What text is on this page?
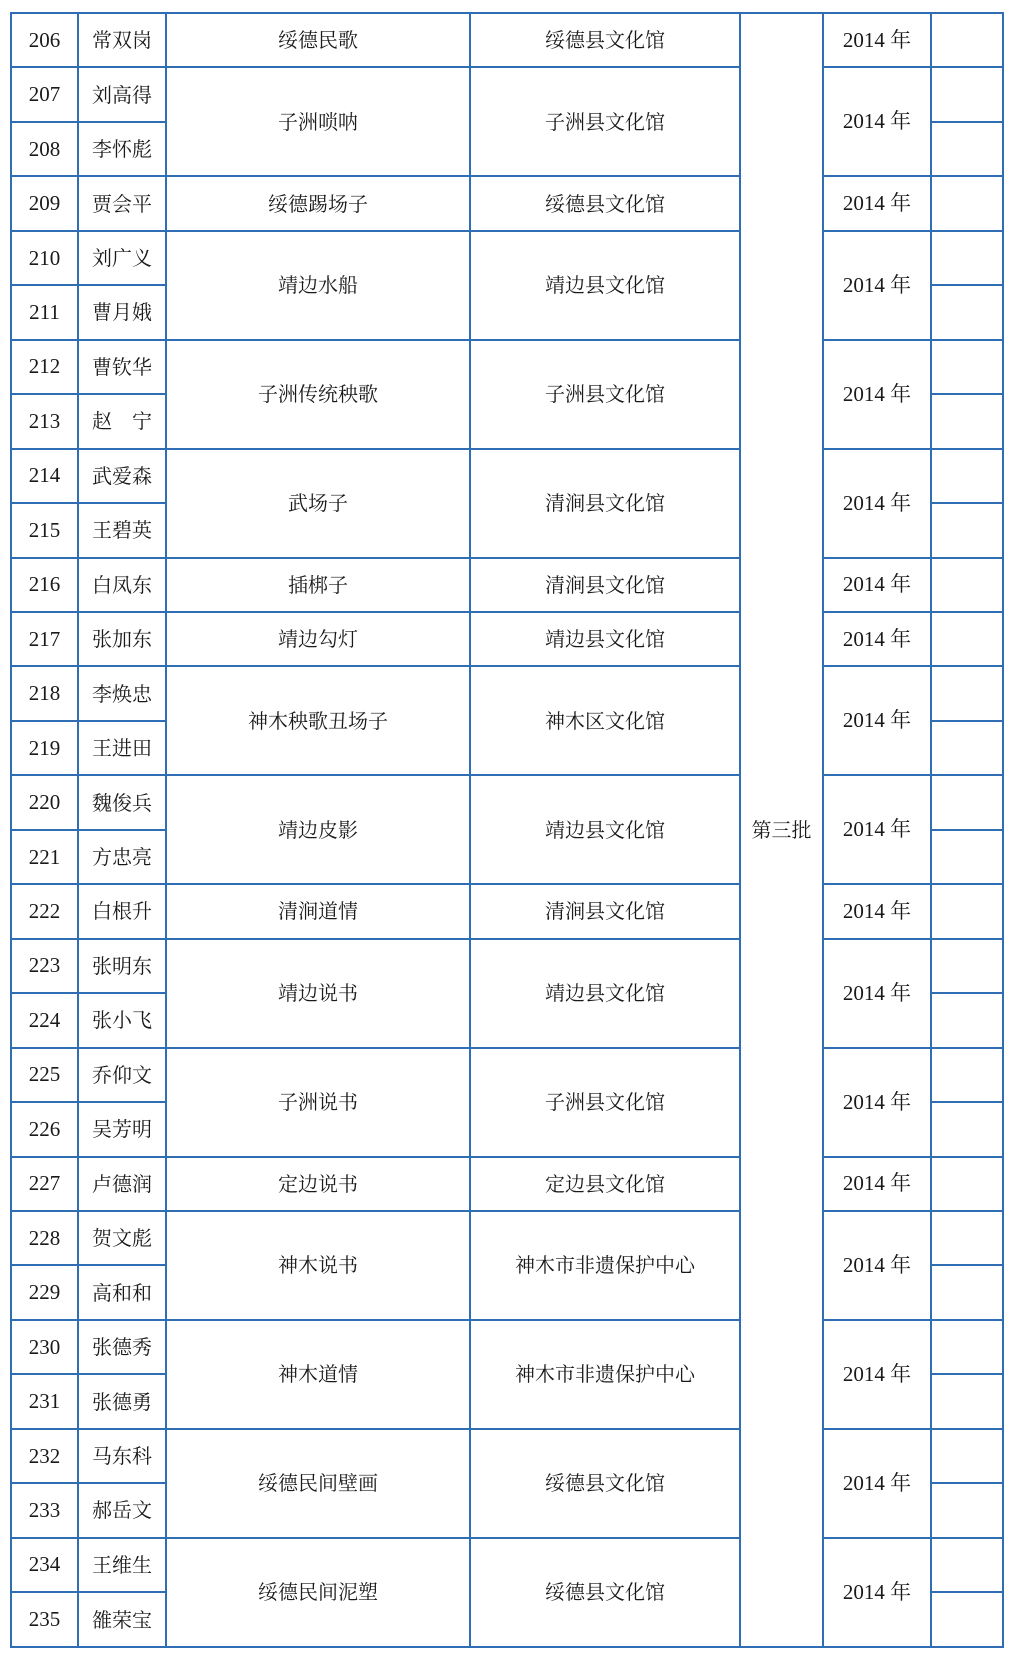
206	常双岗	绥德民歌	绥德县文化馆	第三批	2014 年	
207	刘高得	子洲唢呐	子洲县文化馆		2014 年	
208	李怀彪					
209	贾会平	绥德踢场子	绥德县文化馆		2014 年	
210	刘广义	靖边水船	靖边县文化馆		2014 年	
211	曹月娥					
212	曹钦华	子洲传统秧歌	子洲县文化馆		2014 年	
213	赵　宁					
214	武爱森	武场子	清涧县文化馆		2014 年	
215	王碧英					
216	白凤东	插梆子	清涧县文化馆		2014 年	
217	张加东	靖边勾灯	靖边县文化馆		2014 年	
218	李焕忠	神木秧歌丑场子	神木区文化馆		2014 年	
219	王进田					
220	魏俊兵	靖边皮影	靖边县文化馆		2014 年	
221	方忠亮					
222	白根升	清涧道情	清涧县文化馆		2014 年	
223	张明东	靖边说书	靖边县文化馆		2014 年	
224	张小飞					
225	乔仰文	子洲说书	子洲县文化馆		2014 年	
226	吴芳明					
227	卢德润	定边说书	定边县文化馆		2014 年	
228	贺文彪	神木说书	神木市非遗保护中心		2014 年	
229	高和和					
230	张德秀	神木道情	神木市非遗保护中心		2014 年	
231	张德勇					
232	马东科	绥德民间壁画	绥德县文化馆		2014 年	
233	郝岳文					
234	王维生	绥德民间泥塑	绥德县文化馆		2014 年	
235	雒荣宝					
